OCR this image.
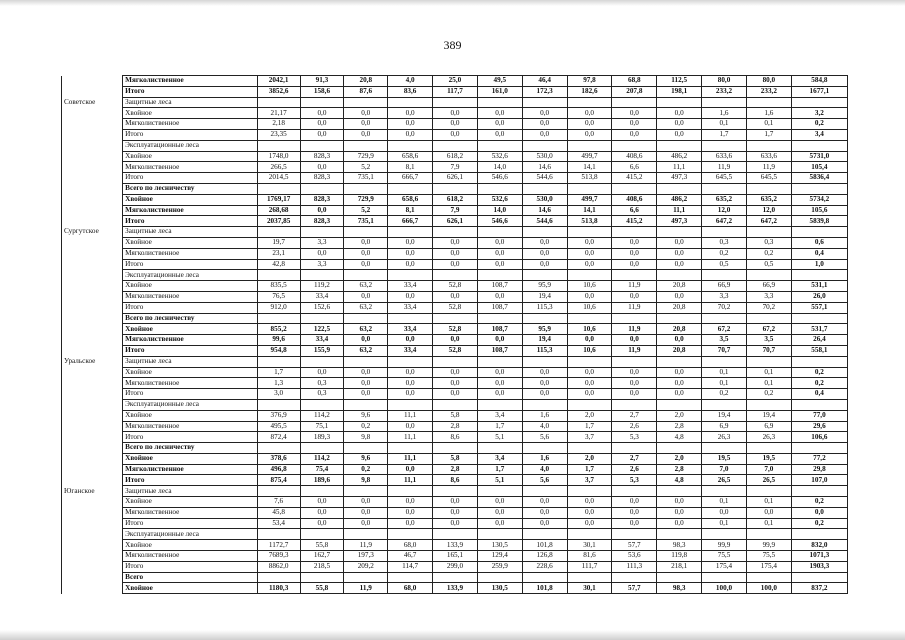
389
	Мягколиственное	2042,1	91,3	20,8	4,0	25,0	49,5	46,4	97,8	68,8	112,5	80,0	80,0	584,8
	Итого	3852,6	158,6	87,6	83,6	117,7	161,0	172,3	182,6	207,8	198,1	233,2	233,2	1677,1
Советское	Защитные леса													
	Хвойное	21,17	0,0	0,0	0,0	0,0	0,0	0,0	0,0	0,0	0,0	1,6	1,6	3,2
	Мягколиственное	2,18	0,0	0,0	0,0	0,0	0,0	0,0	0,0	0,0	0,0	0,1	0,1	0,2
	Итого	23,35	0,0	0,0	0,0	0,0	0,0	0,0	0,0	0,0	0,0	1,7	1,7	3,4
	Эксплуатационные леса													
	Хвойное	1748,0	828,3	729,9	658,6	618,2	532,6	530,0	499,7	408,6	486,2	633,6	633,6	5731,0
	Мягколиственное	266,5	0,0	5,2	8,1	7,9	14,0	14,6	14,1	6,6	11,1	11,9	11,9	105,4
	Итого	2014,5	828,3	735,1	666,7	626,1	546,6	544,6	513,8	415,2	497,3	645,5	645,5	5836,4
	Всего по лесничеству													
	Хвойное	1769,17	828,3	729,9	658,6	618,2	532,6	530,0	499,7	408,6	486,2	635,2	635,2	5734,2
	Мягколиственное	268,68	0,0	5,2	8,1	7,9	14,0	14,6	14,1	6,6	11,1	12,0	12,0	105,6
	Итого	2037,85	828,3	735,1	666,7	626,1	546,6	544,6	513,8	415,2	497,3	647,2	647,2	5839,8
Сургутское	Защитные леса													
	Хвойное	19,7	3,3	0,0	0,0	0,0	0,0	0,0	0,0	0,0	0,0	0,3	0,3	0,6
	Мягколиственное	23,1	0,0	0,0	0,0	0,0	0,0	0,0	0,0	0,0	0,0	0,2	0,2	0,4
	Итого	42,8	3,3	0,0	0,0	0,0	0,0	0,0	0,0	0,0	0,0	0,5	0,5	1,0
	Эксплуатационные леса													
	Хвойное	835,5	119,2	63,2	33,4	52,8	108,7	95,9	10,6	11,9	20,8	66,9	66,9	531,1
	Мягколиственное	76,5	33,4	0,0	0,0	0,0	0,0	19,4	0,0	0,0	0,0	3,3	3,3	26,0
	Итого	912,0	152,6	63,2	33,4	52,8	108,7	115,3	10,6	11,9	20,8	70,2	70,2	557,1
	Всего по лесничеству													
	Хвойное	855,2	122,5	63,2	33,4	52,8	108,7	95,9	10,6	11,9	20,8	67,2	67,2	531,7
	Мягколиственное	99,6	33,4	0,0	0,0	0,0	0,0	19,4	0,0	0,0	0,0	3,5	3,5	26,4
	Итого	954,8	155,9	63,2	33,4	52,8	108,7	115,3	10,6	11,9	20,8	70,7	70,7	558,1
Уральское	Защитные леса													
	Хвойное	1,7	0,0	0,0	0,0	0,0	0,0	0,0	0,0	0,0	0,0	0,1	0,1	0,2
	Мягколиственное	1,3	0,3	0,0	0,0	0,0	0,0	0,0	0,0	0,0	0,0	0,1	0,1	0,2
	Итого	3,0	0,3	0,0	0,0	0,0	0,0	0,0	0,0	0,0	0,0	0,2	0,2	0,4
	Эксплуатационные леса													
	Хвойное	376,9	114,2	9,6	11,1	5,8	3,4	1,6	2,0	2,7	2,0	19,4	19,4	77,0
	Мягколиственное	495,5	75,1	0,2	0,0	2,8	1,7	4,0	1,7	2,6	2,8	6,9	6,9	29,6
	Итого	872,4	189,3	9,8	11,1	8,6	5,1	5,6	3,7	5,3	4,8	26,3	26,3	106,6
	Всего по лесничеству													
	Хвойное	378,6	114,2	9,6	11,1	5,8	3,4	1,6	2,0	2,7	2,0	19,5	19,5	77,2
	Мягколиственное	496,8	75,4	0,2	0,0	2,8	1,7	4,0	1,7	2,6	2,8	7,0	7,0	29,8
	Итого	875,4	189,6	9,8	11,1	8,6	5,1	5,6	3,7	5,3	4,8	26,5	26,5	107,0
Юганское	Защитные леса													
	Хвойное	7,6	0,0	0,0	0,0	0,0	0,0	0,0	0,0	0,0	0,0	0,1	0,1	0,2
	Мягколиственное	45,8	0,0	0,0	0,0	0,0	0,0	0,0	0,0	0,0	0,0	0,0	0,0	0,0
	Итого	53,4	0,0	0,0	0,0	0,0	0,0	0,0	0,0	0,0	0,0	0,1	0,1	0,2
	Эксплуатационные леса													
	Хвойное	1172,7	55,8	11,9	68,0	133,9	130,5	101,8	30,1	57,7	98,3	99,9	99,9	832,0
	Мягколиственное	7689,3	162,7	197,3	46,7	165,1	129,4	126,8	81,6	53,6	119,8	75,5	75,5	1071,3
	Итого	8862,0	218,5	209,2	114,7	299,0	259,9	228,6	111,7	111,3	218,1	175,4	175,4	1903,3
	Всего													
	Хвойное	1180,3	55,8	11,9	68,0	133,9	130,5	101,8	30,1	57,7	98,3	100,0	100,0	837,2
